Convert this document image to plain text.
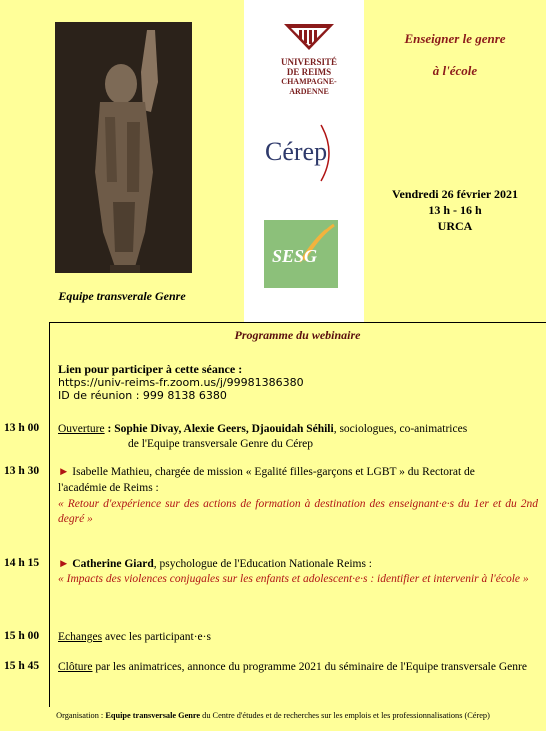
Equipe transverale Genre
UNIVERSITÉ
DE REIMS
CHAMPAGNE-ARDENNE
Cérep
SESG
Enseigner le genre
à l'école
Vendredi 26 février 2021
13 h - 16 h
URCA
Programme du webinaire
Lien pour participer à cette séance :
https://univ-reims-fr.zoom.us/j/99981386380
ID de réunion : 999 8138 6380
13 h 00	Ouverture : Sophie Divay, Alexie Geers, Djaouidah Séhili, sociologues, co-animatrices
de l'Equipe transversale Genre du Cérep
13 h 30	► Isabelle Mathieu, chargée de mission « Egalité filles-garçons et LGBT » du Rectorat de
l'académie de Reims :
« Retour d'expérience sur des actions de formation à destination des enseignant·e·s du 1er et du 2nd degré »
14 h 15	► Catherine Giard, psychologue de l'Education Nationale Reims :
« Impacts des violences conjugales sur les enfants et adolescent·e·s : identifier et intervenir à l'école »
15 h 00	Echanges avec les participant·e·s
15 h 45	Clôture par les animatrices, annonce du programme 2021 du séminaire de l'Equipe transversale Genre
Organisation : Equipe transversale Genre du Centre d'études et de recherches sur les emplois et les professionnalisations (Cérep)
